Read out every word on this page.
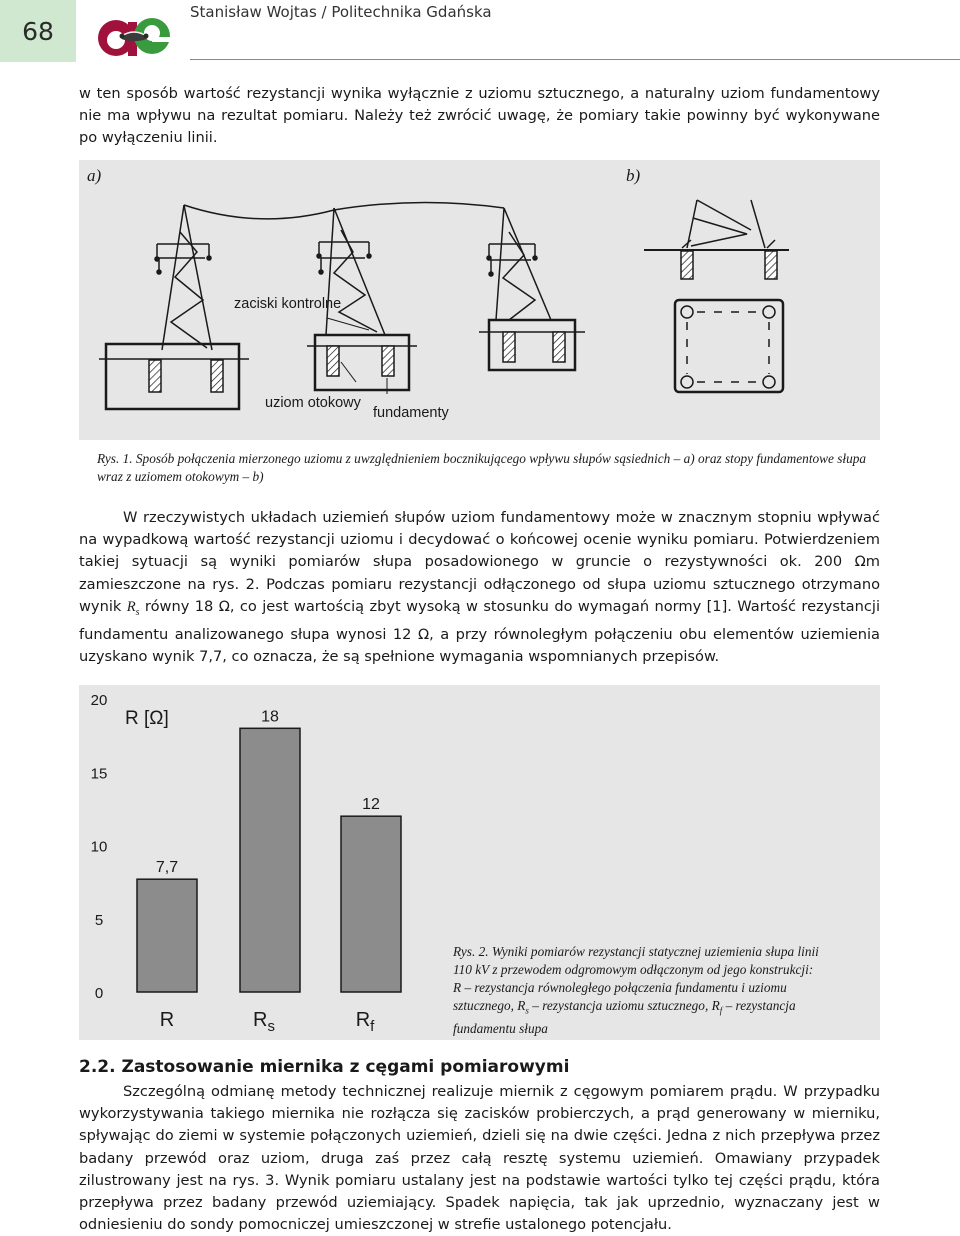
68
Stanisław Wojtas / Politechnika Gdańska

w ten sposób wartość rezystancji wynika wyłącznie z uziomu sztucznego, a naturalny uziom fundamentowy nie ma wpływu na rezultat pomiaru. Należy też zwrócić uwagę, że pomiary takie powinny być wykonywane po wyłączeniu linii.

a)	b)
zaciski kontrolne
uziom otokowy
fundamenty

Rys. 1. Sposób połączenia mierzonego uziomu z uwzględnieniem bocznikującego wpływu słupów sąsiednich – a) oraz stopy fundamentowe słupa wraz z uziomem otokowym – b)

W rzeczywistych układach uziemień słupów uziom fundamentowy może w znacznym stopniu wpływać na wypadkową wartość rezystancji uziomu i decydować o końcowej ocenie wyniku pomiaru. Potwierdzeniem takiej sytuacji są wyniki pomiarów słupa posadowionego w gruncie o rezystywności ok. 200 Ωm zamieszczone na rys. 2. Podczas pomiaru rezystancji odłączonego od słupa uziomu sztucznego otrzymano wynik $R_s$ równy 18 Ω, co jest wartością zbyt wysoką w stosunku do wymagań normy [1]. Wartość rezystancji fundamentu analizowanego słupa wynosi 12 Ω, a przy równoległym połączeniu obu elementów uziemienia uzyskano wynik 7,7, co oznacza, że są spełnione wymagania wspomnianych przepisów.

0
5
10
15
20
R [Ω]
7,7
R
18
$R_s$
12
$R_f$

Rys. 2. Wyniki pomiarów rezystancji statycznej uziemienia słupa linii 110 kV z przewodem odgromowym odłączonym od jego konstrukcji: R – rezystancja równoległego połączenia fundamentu i uziomu sztucznego, $R_s$ – rezystancja uziomu sztucznego, $R_f$ – rezystancja fundamentu słupa

2.2. Zastosowanie miernika z cęgami pomiarowymi

Szczególną odmianę metody technicznej realizuje miernik z cęgowym pomiarem prądu. W przypadku wykorzystywania takiego miernika nie rozłącza się zacisków probierczych, a prąd generowany w mierniku, spływając do ziemi w systemie połączonych uziemień, dzieli się na dwie części. Jedna z nich przepływa przez badany przewód oraz uziom, druga zaś przez całą resztę systemu uziemień. Omawiany przypadek zilustrowany jest na rys. 3. Wynik pomiaru ustalany jest na podstawie wartości tylko tej części prądu, która przepływa przez badany przewód uziemiający. Spadek napięcia, tak jak uprzednio, wyznaczany jest w odniesieniu do sondy pomocniczej umieszczonej w strefie ustalonego potencjału.
